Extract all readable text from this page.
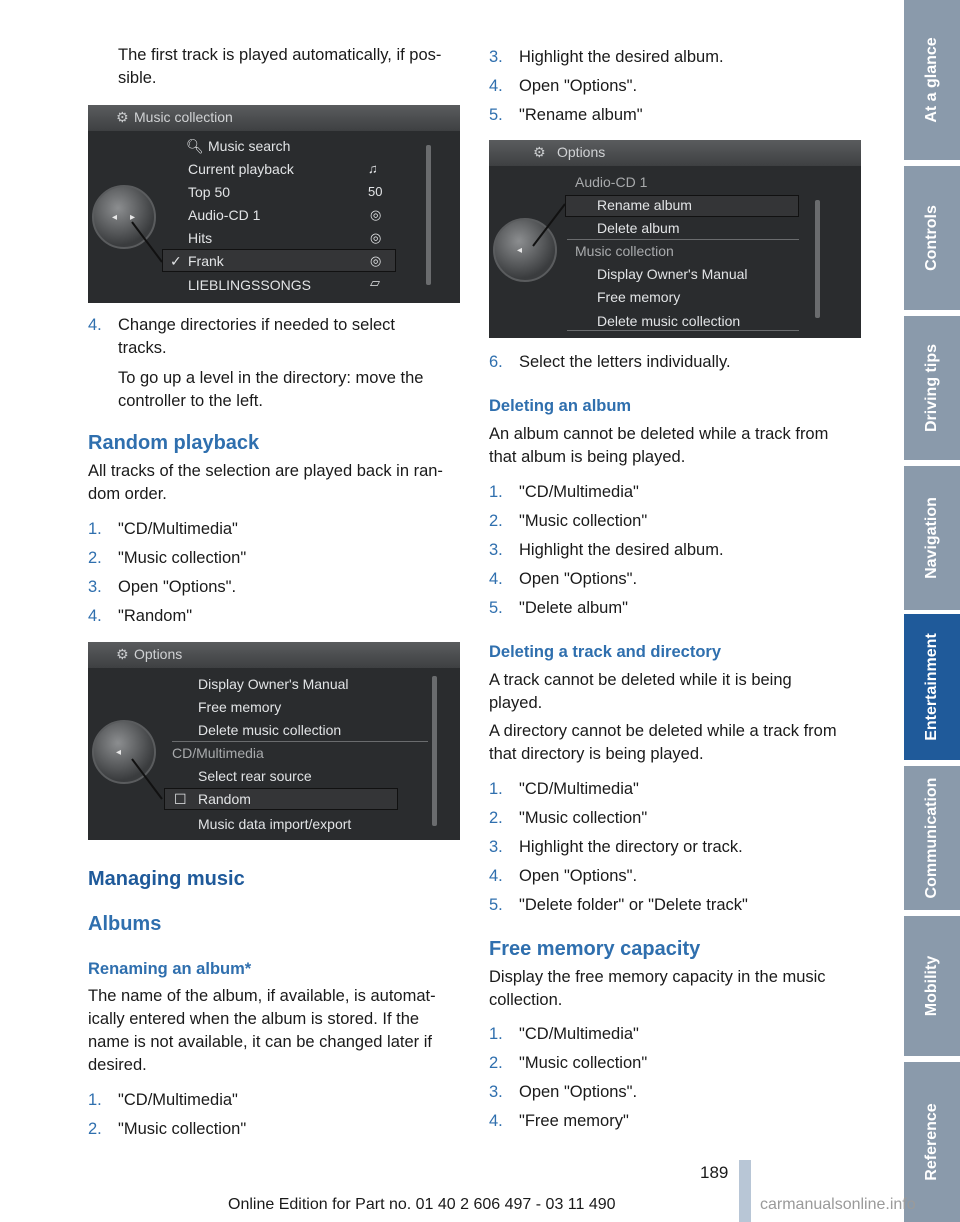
The first track is played automatically, if pos-
sible.
⚙ Music collection
◂ ▸
🔍︎ Music search
Current playback	♫
Top 50	50
Audio-CD 1	◎
Hits	◎
✓ Frank	◎
LIEBLINGSSONGS	▱
4. Change directories if needed to select
tracks.
To go up a level in the directory: move the
controller to the left.
Random playback
All tracks of the selection are played back in ran-
dom order.
1. "CD/Multimedia"
2. "Music collection"
3. Open "Options".
4. "Random"
⚙ Options
◂
Display Owner's Manual
Free memory
Delete music collection
CD/Multimedia
Select rear source
☐ Random
Music data import/export
Managing music
Albums
Renaming an album*
The name of the album, if available, is automat-
ically entered when the album is stored. If the
name is not available, it can be changed later if
desired.
1. "CD/Multimedia"
2. "Music collection"
3. Highlight the desired album.
4. Open "Options".
5. "Rename album"
⚙ Options
◂
Audio-CD 1
Rename album
Delete album
Music collection
Display Owner's Manual
Free memory
Delete music collection
6. Select the letters individually.
Deleting an album
An album cannot be deleted while a track from
that album is being played.
1. "CD/Multimedia"
2. "Music collection"
3. Highlight the desired album.
4. Open "Options".
5. "Delete album"
Deleting a track and directory
A track cannot be deleted while it is being
played.
A directory cannot be deleted while a track from
that directory is being played.
1. "CD/Multimedia"
2. "Music collection"
3. Highlight the directory or track.
4. Open "Options".
5. "Delete folder" or "Delete track"
Free memory capacity
Display the free memory capacity in the music
collection.
1. "CD/Multimedia"
2. "Music collection"
3. Open "Options".
4. "Free memory"
At a glance
Controls
Driving tips
Navigation
Entertainment
Communication
Mobility
Reference
189
Online Edition for Part no. 01 40 2 606 497 - 03 11 490	carmanualsonline.info
